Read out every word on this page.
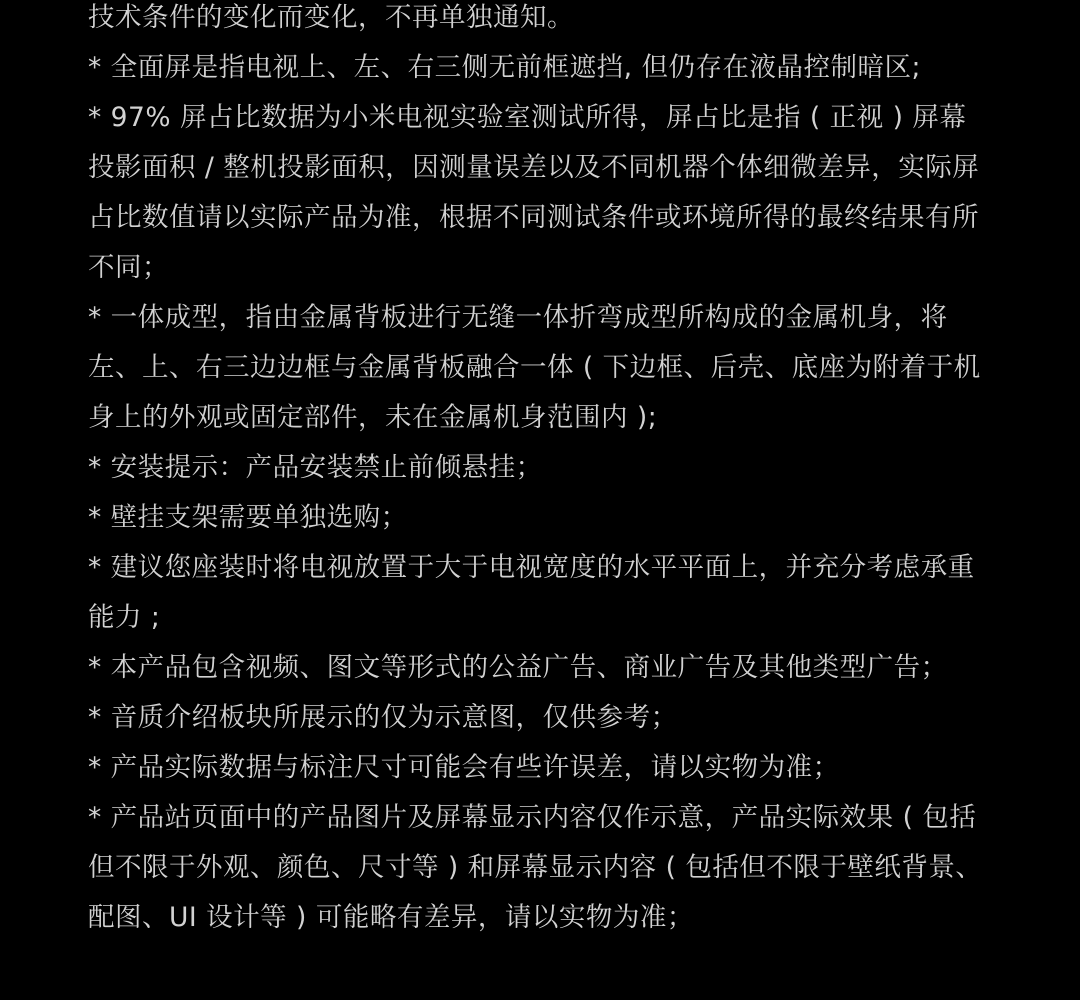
技术条件的变化而变化，不再单独通知。
* 全面屏是指电视上、左、右三侧无前框遮挡, 但仍存在液晶控制暗区;
* 97% 屏占比数据为小米电视实验室测试所得，屏占比是指 ( 正视 ) 屏幕投影面积 / 整机投影面积，因测量误差以及不同机器个体细微差异，实际屏占比数值请以实际产品为准，根据不同测试条件或环境所得的最终结果有所不同；
* 一体成型，指由金属背板进行无缝一体折弯成型所构成的金属机身，将左、上、右三边边框与金属背板融合一体 ( 下边框、后壳、底座为附着于机身上的外观或固定部件，未在金属机身范围内 );
* 安装提示：产品安装禁止前倾悬挂；
* 壁挂支架需要单独选购；
* 建议您座装时将电视放置于大于电视宽度的水平平面上，并充分考虑承重能力 ;
* 本产品包含视频、图文等形式的公益广告、商业广告及其他类型广告；
* 音质介绍板块所展示的仅为示意图，仅供参考；
* 产品实际数据与标注尺寸可能会有些许误差，请以实物为准；
* 产品站页面中的产品图片及屏幕显示内容仅作示意，产品实际效果 ( 包括但不限于外观、颜色、尺寸等 ) 和屏幕显示内容 ( 包括但不限于壁纸背景、配图、UI 设计等 ) 可能略有差异，请以实物为准；
